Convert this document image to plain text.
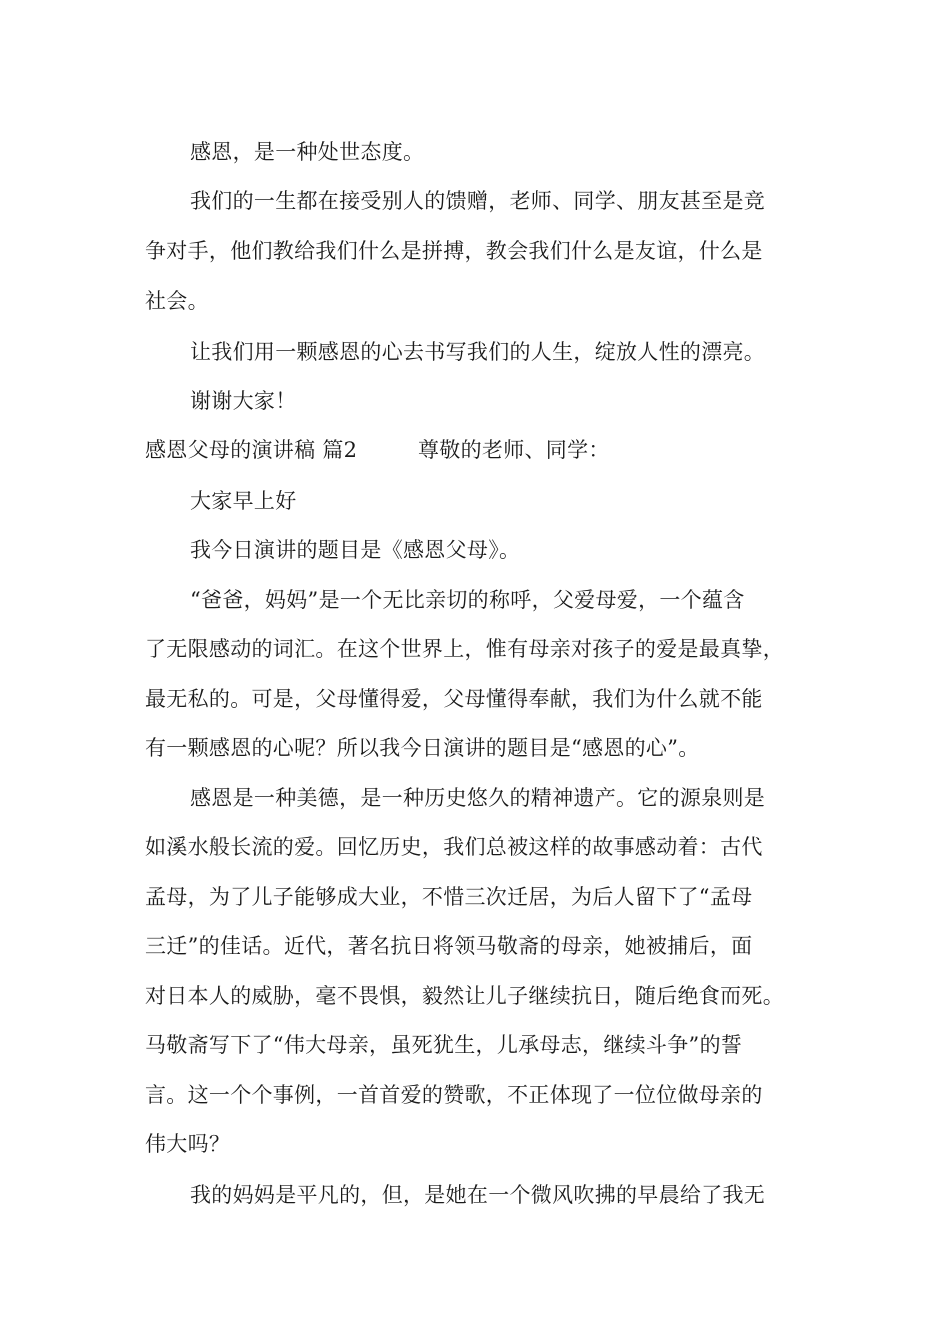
感恩，是一种处世态度。
我们的一生都在接受别人的馈赠，老师、同学、朋友甚至是竞
争对手，他们教给我们什么是拼搏，教会我们什么是友谊，什么是
社会。
让我们用一颗感恩的心去书写我们的人生，绽放人性的漂亮。
谢谢大家！
感恩父母的演讲稿 篇2	尊敬的老师、同学：
大家早上好
我今日演讲的题目是《感恩父母》。
“爸爸，妈妈”是一个无比亲切的称呼，父爱母爱，一个蕴含
了无限感动的词汇。在这个世界上，惟有母亲对孩子的爱是最真挚，
最无私的。可是，父母懂得爱，父母懂得奉献，我们为什么就不能
有一颗感恩的心呢？所以我今日演讲的题目是“感恩的心”。
感恩是一种美德，是一种历史悠久的精神遗产。它的源泉则是
如溪水般长流的爱。回忆历史，我们总被这样的故事感动着：古代
孟母，为了儿子能够成大业，不惜三次迁居，为后人留下了“孟母
三迁”的佳话。近代，著名抗日将领马敬斋的母亲，她被捕后，面
对日本人的威胁，毫不畏惧，毅然让儿子继续抗日，随后绝食而死。
马敬斋写下了“伟大母亲，虽死犹生，儿承母志，继续斗争”的誓
言。这一个个事例，一首首爱的赞歌，不正体现了一位位做母亲的
伟大吗？
我的妈妈是平凡的，但，是她在一个微风吹拂的早晨给了我无
